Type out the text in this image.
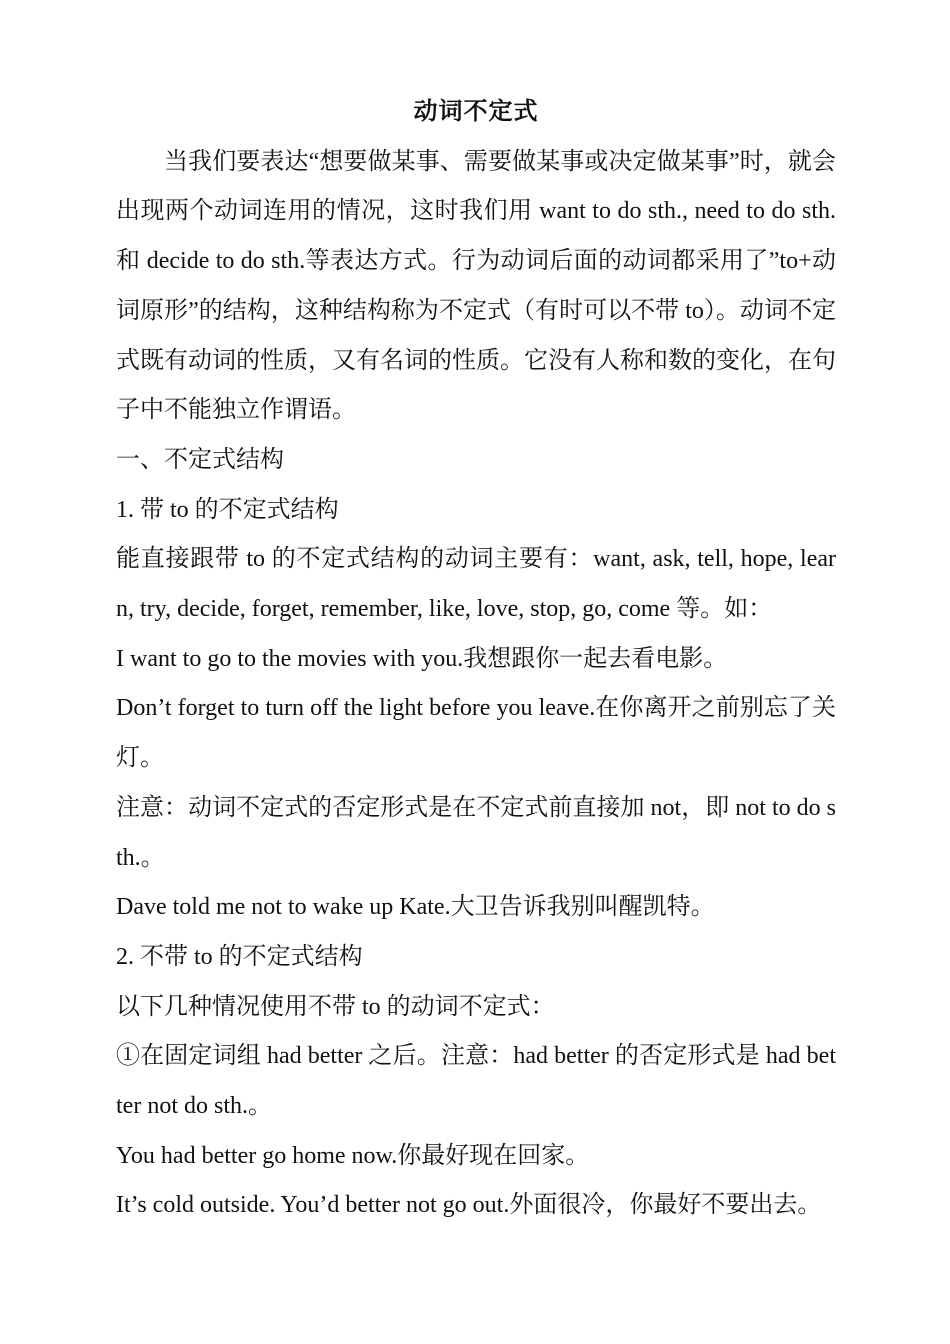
动词不定式

当我们要表达“想要做某事、需要做某事或决定做某事”时，就会出现两个动词连用的情况，这时我们用 want to do sth., need to do sth.和 decide to do sth.等表达方式。行为动词后面的动词都采用了”to+动词原形”的结构，这种结构称为不定式（有时可以不带 to）。动词不定式既有动词的性质，又有名词的性质。它没有人称和数的变化，在句子中不能独立作谓语。

一、不定式结构

1. 带 to 的不定式结构

能直接跟带 to 的不定式结构的动词主要有：want, ask, tell, hope, learn, try, decide, forget, remember, like, love, stop, go, come 等。如：

I want to go to the movies with you.我想跟你一起去看电影。

Don’t forget to turn off the light before you leave.在你离开之前别忘了关灯。

注意：动词不定式的否定形式是在不定式前直接加 not，即 not to do sth.。

Dave told me not to wake up Kate.大卫告诉我别叫醒凯特。

2. 不带 to 的不定式结构

以下几种情况使用不带 to 的动词不定式：

①在固定词组 had better 之后。注意：had better 的否定形式是 had better not do sth.。

You had better go home now.你最好现在回家。

It’s cold outside. You’d better not go out.外面很冷，你最好不要出去。
